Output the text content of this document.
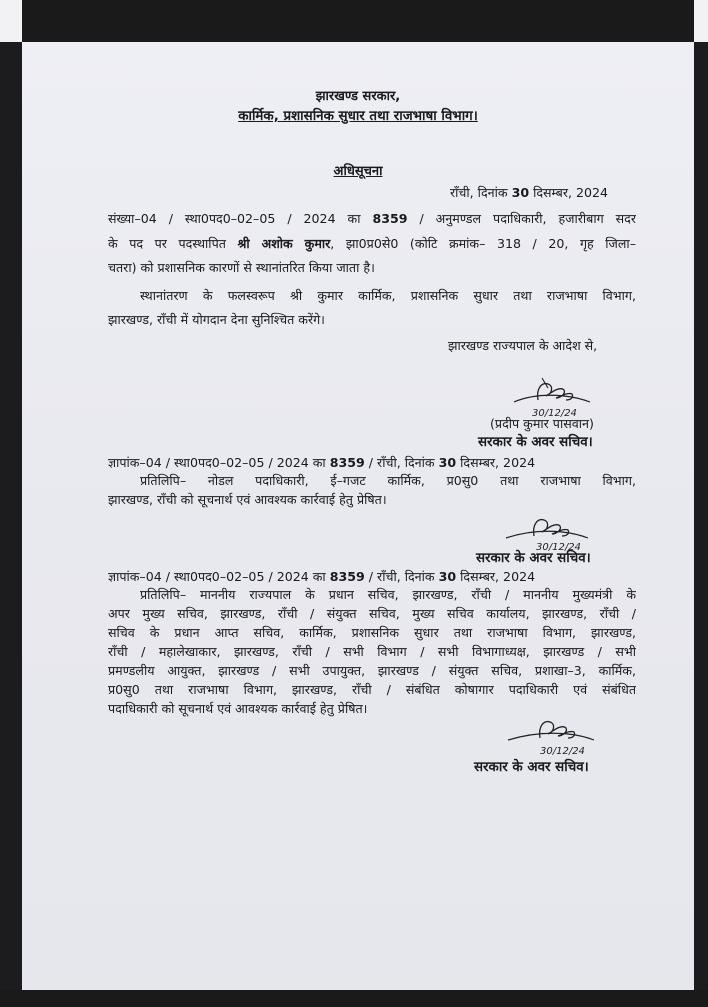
झारखण्ड सरकार,
कार्मिक, प्रशासनिक सुधार तथा राजभाषा विभाग।
अधिसूचना
राँची, दिनांक 30 दिसम्बर, 2024
संख्या–04 / स्था0पद0–02–05 / 2024 का 8359 / अनुमण्डल पदाधिकारी, हजारीबाग सदर
के पद पर पदस्थापित श्री अशोक कुमार, झा0प्र0से0 (कोटि क्रमांक– 318 / 20, गृह जिला–
चतरा) को प्रशासनिक कारणों से स्थानांतरित किया जाता है।
स्थानांतरण के फलस्वरूप श्री कुमार कार्मिक, प्रशासनिक सुधार तथा राजभाषा विभाग,
झारखण्ड, राँची में योगदान देना सुनिश्चित करेंगे।
झारखण्ड राज्यपाल के आदेश से,
30/12/24
(प्रदीप कुमार पासवान)
सरकार के अवर सचिव।
ज्ञापांक–04 / स्था0पद0–02–05 / 2024 का 8359 / राँची, दिनांक 30 दिसम्बर, 2024
प्रतिलिपि– नोडल पदाधिकारी, ई–गजट कार्मिक, प्र0सु0 तथा राजभाषा विभाग,
झारखण्ड, राँची को सूचनार्थ एवं आवश्यक कार्रवाई हेतु प्रेषित।
30/12/24
सरकार के अवर सचिव।
ज्ञापांक–04 / स्था0पद0–02–05 / 2024 का 8359 / राँची, दिनांक 30 दिसम्बर, 2024
प्रतिलिपि– माननीय राज्यपाल के प्रधान सचिव, झारखण्ड, राँची / माननीय मुख्यमंत्री के
अपर मुख्य सचिव, झारखण्ड, राँची / संयुक्त सचिव, मुख्य सचिव कार्यालय, झारखण्ड, राँची /
सचिव के प्रधान आप्त सचिव, कार्मिक, प्रशासनिक सुधार तथा राजभाषा विभाग, झारखण्ड,
राँची / महालेखाकार, झारखण्ड, राँची / सभी विभाग / सभी विभागाध्यक्ष, झारखण्ड / सभी
प्रमण्डलीय आयुक्त, झारखण्ड / सभी उपायुक्त, झारखण्ड / संयुक्त सचिव, प्रशाखा–3, कार्मिक,
प्र0सु0 तथा राजभाषा विभाग, झारखण्ड, राँची / संबंधित कोषागार पदाधिकारी एवं संबंधित
पदाधिकारी को सूचनार्थ एवं आवश्यक कार्रवाई हेतु प्रेषित।
30/12/24
सरकार के अवर सचिव।
